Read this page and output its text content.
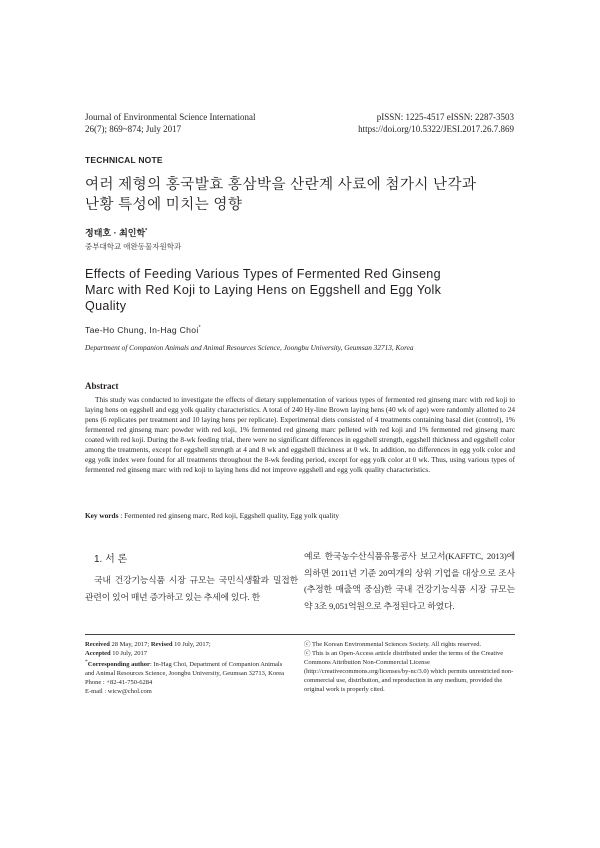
Journal of Environmental Science International
26(7); 869~874; July 2017
pISSN: 1225-4517 eISSN: 2287-3503
https://doi.org/10.5322/JESI.2017.26.7.869
TECHNICAL NOTE
여러 제형의 홍국발효 홍삼박을 산란계 사료에 첨가시 난각과
난황 특성에 미치는 영향
정태호 · 최인학*
중부대학교 애완동물자원학과
Effects of Feeding Various Types of Fermented Red Ginseng
Marc with Red Koji to Laying Hens on Eggshell and Egg Yolk
Quality
Tae-Ho Chung, In-Hag Choi*
Department of Companion Animals and Animal Resources Science, Joongbu University, Geumsan 32713, Korea
Abstract
This study was conducted to investigate the effects of dietary supplementation of various types of fermented red ginseng marc with red koji to laying hens on eggshell and egg yolk quality characteristics. A total of 240 Hy-line Brown laying hens (40 wk of age) were randomly allotted to 24 pens (6 replicates per treatment and 10 laying hens per replicate). Experimental diets consisted of 4 treatments containing basal diet (control), 1% fermented red ginseng marc powder with red koji, 1% fermented red ginseng marc pelleted with red koji and 1% fermented red ginseng marc coated with red koji. During the 8-wk feeding trial, there were no significant differences in eggshell strength, eggshell thickness and eggshell color among the treatments, except for eggshell strength at 4 and 8 wk and eggshell thickness at 0 wk. In addition, no differences in egg yolk color and egg yolk index were found for all treatments throughout the 8-wk feeding period, except for egg yolk color at 0 wk. Thus, using various types of fermented red ginseng marc with red koji to laying hens did not improve eggshell and egg yolk quality characteristics.
Key words : Fermented red ginseng marc, Red koji, Eggshell quality, Egg yolk quality
1. 서 론
국내 건강기능식품 시장 규모는 국민식생활과 밀접한 관련이 있어 매년 증가하고 있는 추세에 있다. 한
예로 한국농수산식품유통공사 보고서(KAFFTC, 2013)에 의하면 2011년 기준 20여개의 상위 기업을 대상으로 조사(추정한 매출액 중심)한 국내 건강기능식품 시장 규모는 약 3조 9,051억원으로 추정된다고 하였다.
Received 28 May, 2017; Revised 10 July, 2017;
Accepted 10 July, 2017
*Corresponding author: In-Hag Choi, Department of Companion Animals and Animal Resources Science, Joongbu University, Geumsan 32713, Korea
Phone : +82-41-750-6284
E-mail : wicw@chol.com
ⓒ The Korean Environmental Sciences Society. All rights reserved.
ⓒ This is an Open-Access article distributed under the terms of the Creative Commons Attribution Non-Commercial License (http://creativecommons.org/licenses/by-nc/3.0) which permits unrestricted non-commercial use, distribution, and reproduction in any medium, provided the original work is properly cited.
